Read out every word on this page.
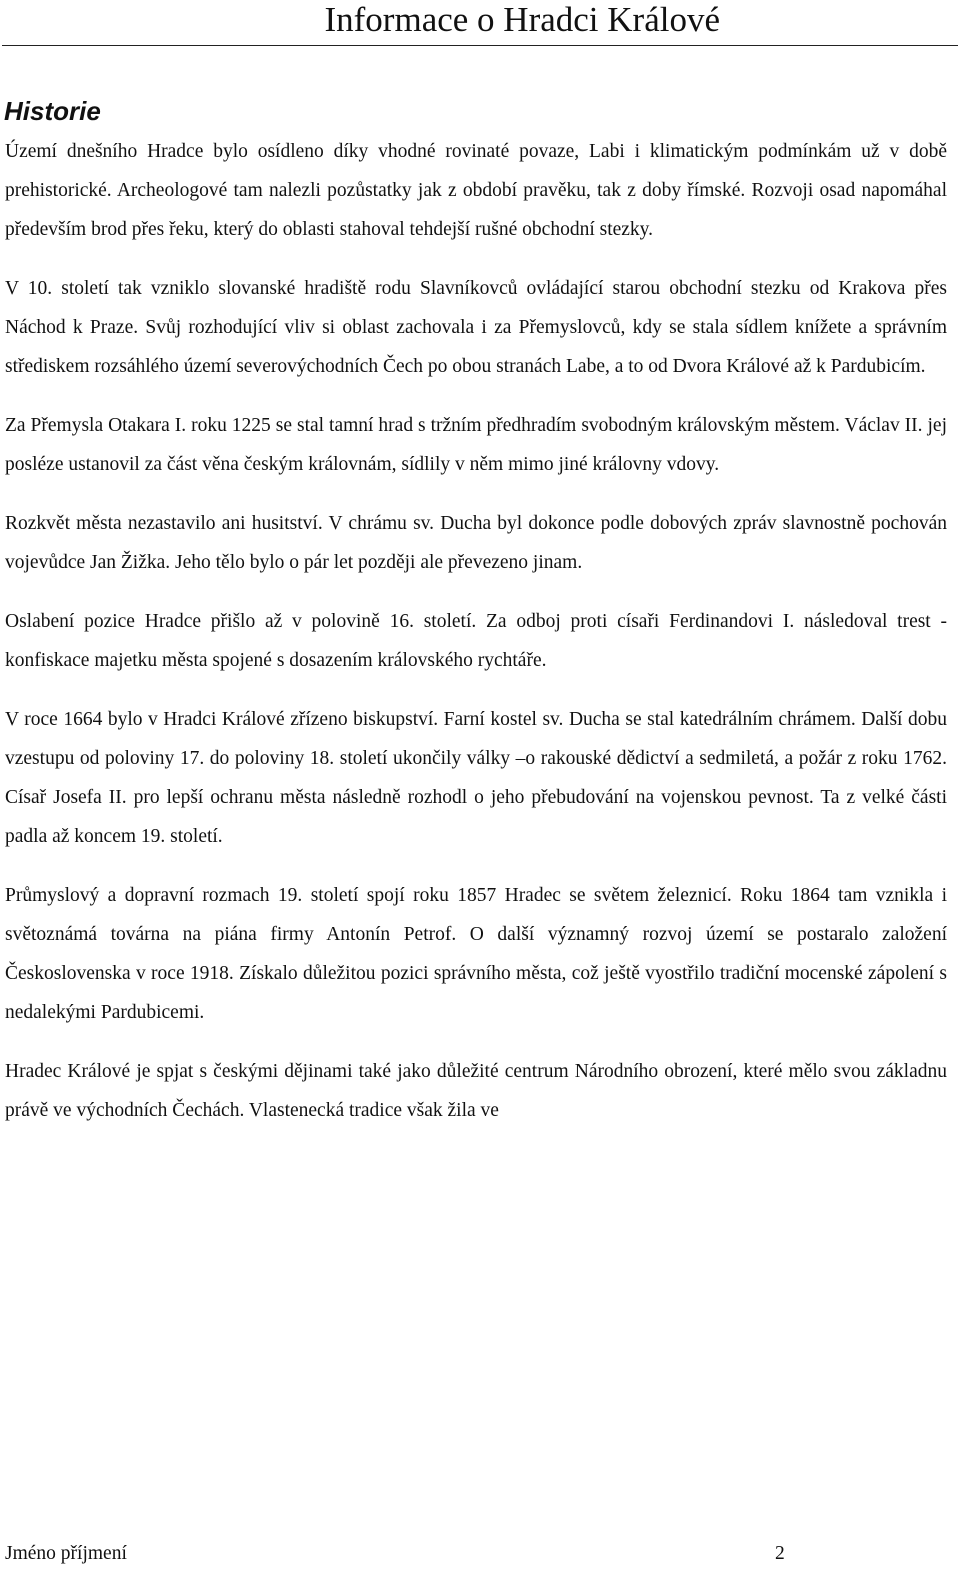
Informace o Hradci Králové
Historie

Území dnešního Hradce bylo osídleno díky vhodné rovinaté povaze, Labi i klimatickým podmínkám už v době prehistorické. Archeologové tam nalezli pozůstatky jak z období pravěku, tak z doby římské. Rozvoji osad napomáhal především brod přes řeku, který do oblasti stahoval tehdejší rušné obchodní stezky.

V 10. století tak vzniklo slovanské hradiště rodu Slavníkovců ovládající starou obchodní stezku od Krakova přes Náchod k Praze. Svůj rozhodující vliv si oblast zachovala i za Přemyslovců, kdy se stala sídlem knížete a správním střediskem rozsáhlého území severovýchodních Čech po obou stranách Labe, a to od Dvora Králové až k Pardubicím.

Za Přemysla Otakara I. roku 1225 se stal tamní hrad s tržním předhradím svobodným královským městem. Václav II. jej posléze ustanovil za část věna českým královnám, sídlily v něm mimo jiné královny vdovy.

Rozkvět města nezastavilo ani husitství. V chrámu sv. Ducha byl dokonce podle dobových zpráv slavnostně pochován vojevůdce Jan Žižka. Jeho tělo bylo o pár let později ale převezeno jinam.

Oslabení pozice Hradce přišlo až v polovině 16. století. Za odboj proti císaři Ferdinandovi I. následoval trest - konfiskace majetku města spojené s dosazením královského rychtáře.

V roce 1664 bylo v Hradci Králové zřízeno biskupství. Farní kostel sv. Ducha se stal katedrálním chrámem. Další dobu vzestupu od poloviny 17. do poloviny 18. století ukončily války –o rakouské dědictví a sedmiletá, a požár z roku 1762. Císař Josefa II. pro lepší ochranu města následně rozhodl o jeho přebudování na vojenskou pevnost. Ta z velké části padla až koncem 19. století.

Průmyslový a dopravní rozmach 19. století spojí roku 1857 Hradec se světem železnicí. Roku 1864 tam vznikla i světoznámá továrna na piána firmy Antonín Petrof. O další významný rozvoj území se postaralo založení Československa v roce 1918. Získalo důležitou pozici správního města, což ještě vyostřilo tradiční mocenské zápolení s nedalekými Pardubicemi.

Hradec Králové je spjat s českými dějinami také jako důležité centrum Národního obrození, které mělo svou základnu právě ve východních Čechách. Vlastenecká tradice však žila ve

Jméno příjmení	2
